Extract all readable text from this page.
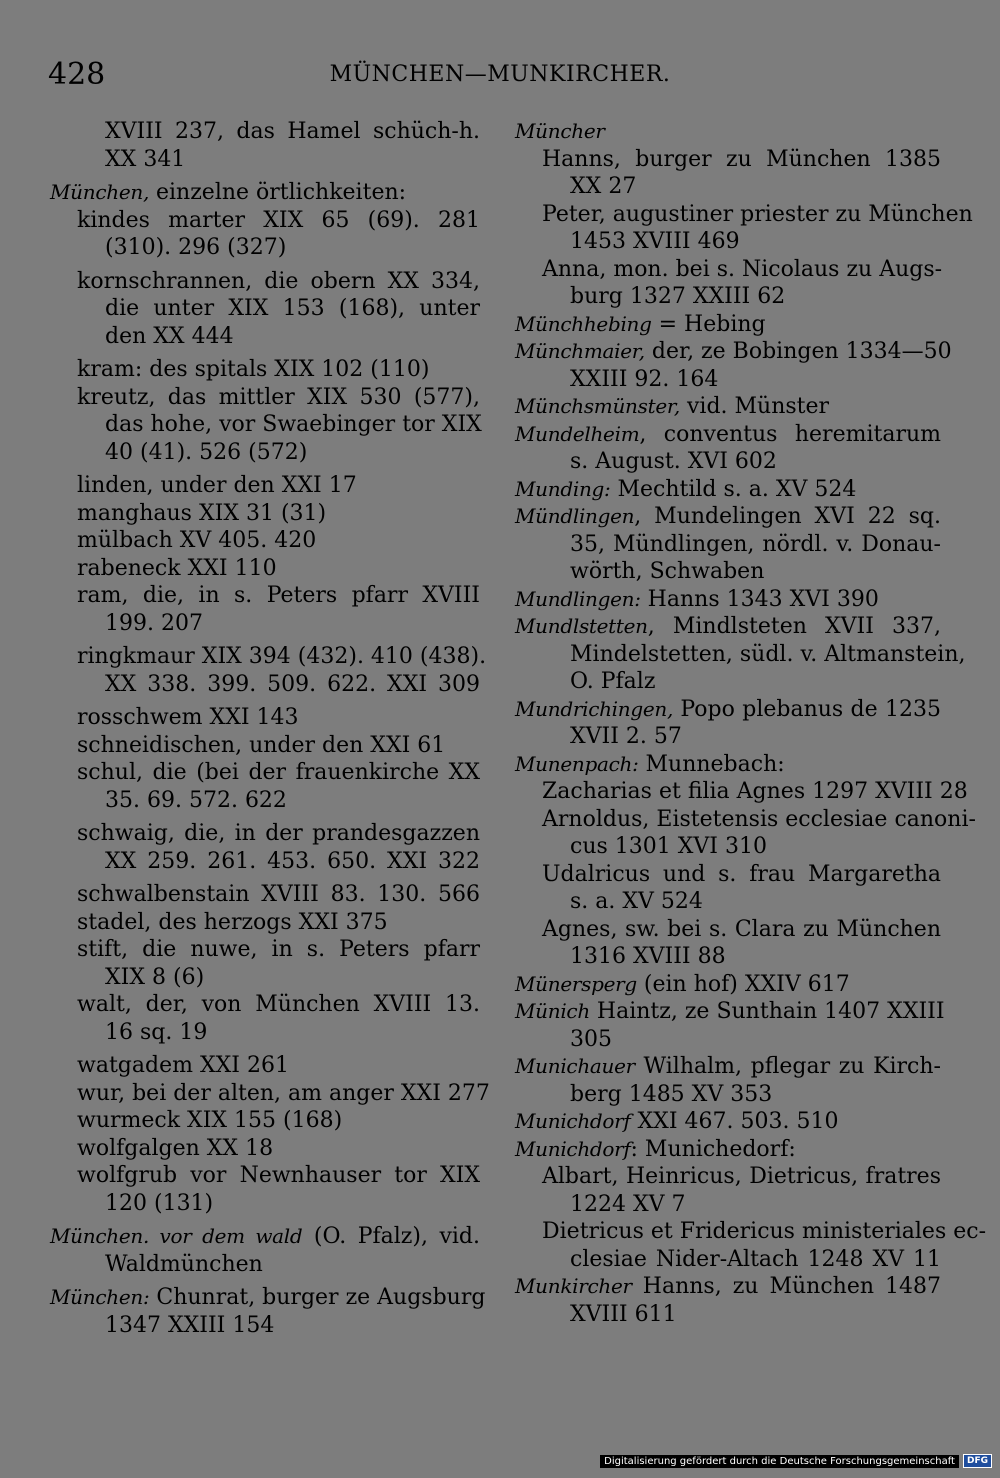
428	MÜNCHEN—MUNKIRCHER.
XVIII 237, das Hamel schüch-h.
XX 341
München, einzelne örtlichkeiten:
kindes marter XIX 65 (69). 281
(310). 296 (327)
kornschrannen, die obern XX 334,
die unter XIX 153 (168), unter
den XX 444
kram: des spitals XIX 102 (110)
kreutz, das mittler XIX 530 (577),
das hohe, vor Swaebinger tor XIX
40 (41). 526 (572)
linden, under den XXI 17
manghaus XIX 31 (31)
mülbach XV 405. 420
rabeneck XXI 110
ram, die, in s. Peters pfarr XVIII
199. 207
ringkmaur XIX 394 (432). 410 (438).
XX 338. 399. 509. 622. XXI 309
rosschwem XXI 143
schneidischen, under den XXI 61
schul, die (bei der frauenkirche XX
35. 69. 572. 622
schwaig, die, in der prandesgazzen
XX 259. 261. 453. 650. XXI 322
schwalbenstain XVIII 83. 130. 566
stadel, des herzogs XXI 375
stift, die nuwe, in s. Peters pfarr
XIX 8 (6)
walt, der, von München XVIII 13.
16 sq. 19
watgadem XXI 261
wur, bei der alten, am anger XXI 277
wurmeck XIX 155 (168)
wolfgalgen XX 18
wolfgrub vor Newnhauser tor XIX
120 (131)
München. vor dem wald (O. Pfalz), vid.
Waldmünchen
München: Chunrat, burger ze Augsburg
1347 XXIII 154
Müncher
Hanns, burger zu München 1385
XX 27
Peter, augustiner priester zu München
1453 XVIII 469
Anna, mon. bei s. Nicolaus zu Augs-
burg 1327 XXIII 62
Münchhebing = Hebing
Münchmaier, der, ze Bobingen 1334—50
XXIII 92. 164
Münchsmünster, vid. Münster
Mundelheim, conventus heremitarum
s. August. XVI 602
Munding: Mechtild s. a. XV 524
Mündlingen, Mundelingen XVI 22 sq.
35, Mündlingen, nördl. v. Donau-
wörth, Schwaben
Mundlingen: Hanns 1343 XVI 390
Mundlstetten, Mindlsteten XVII 337,
Mindelstetten, südl. v. Altmanstein,
O. Pfalz
Mundrichingen, Popo plebanus de 1235
XVII 2. 57
Munenpach: Munnebach:
Zacharias et filia Agnes 1297 XVIII 28
Arnoldus, Eistetensis ecclesiae canoni-
cus 1301 XVI 310
Udalricus und s. frau Margaretha
s. a. XV 524
Agnes, sw. bei s. Clara zu München
1316 XVIII 88
Münersperg (ein hof) XXIV 617
Münich Haintz, ze Sunthain 1407 XXIII
305
Munichauer Wilhalm, pflegar zu Kirch-
berg 1485 XV 353
Munichdorf XXI 467. 503. 510
Munichdorf: Munichedorf:
Albart, Heinricus, Dietricus, fratres
1224 XV 7
Dietricus et Fridericus ministeriales ec-
clesiae Nider-Altach 1248 XV 11
Munkircher Hanns, zu München 1487
XVIII 611
Digitalisierung gefördert durch die Deutsche Forschungsgemeinschaft	DFG
